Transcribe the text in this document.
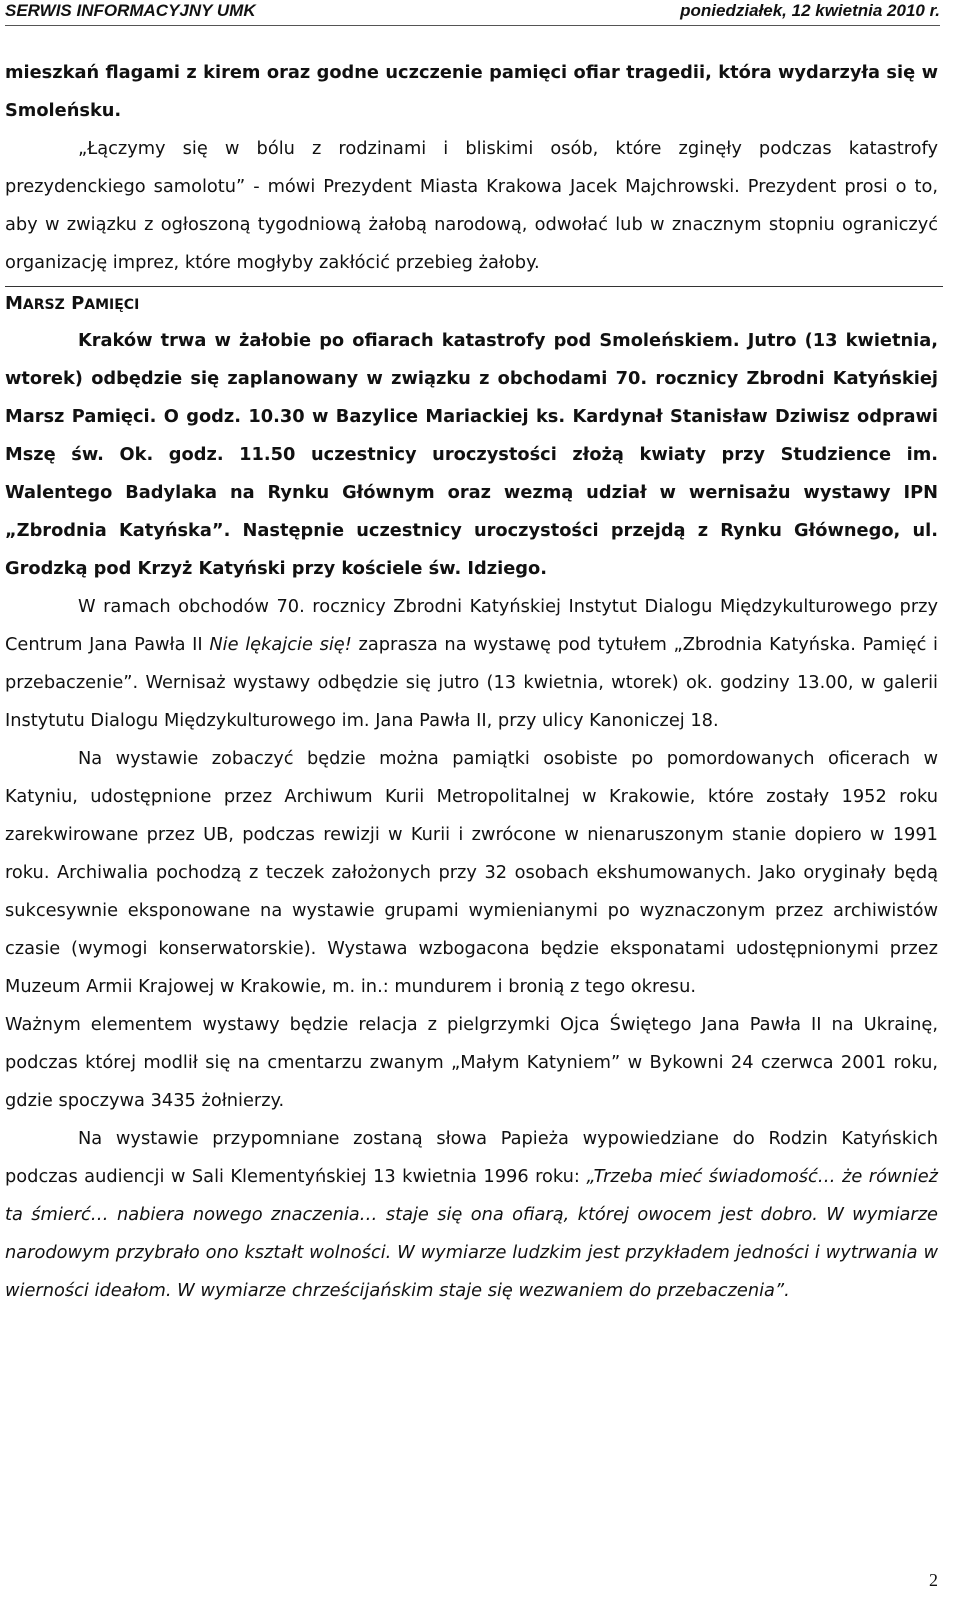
SERWIS INFORMACYJNY UMK	poniedziałek, 12 kwietnia 2010 r.

mieszkań flagami z kirem oraz godne uczczenie pamięci ofiar tragedii, która wydarzyła się w Smoleńsku.

„Łączymy się w bólu z rodzinami i bliskimi osób, które zginęły podczas katastrofy prezydenckiego samolotu” - mówi Prezydent Miasta Krakowa Jacek Majchrowski. Prezydent prosi o to, aby w związku z ogłoszoną tygodniową żałobą narodową, odwołać lub w znacznym stopniu ograniczyć organizację imprez, które mogłyby zakłócić przebieg żałoby.

MARSZ PAMIĘCI

Kraków trwa w żałobie po ofiarach katastrofy pod Smoleńskiem. Jutro (13 kwietnia, wtorek) odbędzie się zaplanowany w związku z obchodami 70. rocznicy Zbrodni Katyńskiej Marsz Pamięci. O godz. 10.30 w Bazylice Mariackiej ks. Kardynał Stanisław Dziwisz odprawi Mszę św. Ok. godz. 11.50 uczestnicy uroczystości złożą kwiaty przy Studzience im. Walentego Badylaka na Rynku Głównym oraz wezmą udział w wernisażu wystawy IPN „Zbrodnia Katyńska”. Następnie uczestnicy uroczystości przejdą z Rynku Głównego, ul. Grodzką pod Krzyż Katyński przy kościele św. Idziego.

W ramach obchodów 70. rocznicy Zbrodni Katyńskiej Instytut Dialogu Międzykulturowego przy Centrum Jana Pawła II Nie lękajcie się! zaprasza na wystawę pod tytułem „Zbrodnia Katyńska. Pamięć i przebaczenie”. Wernisaż wystawy odbędzie się jutro (13 kwietnia, wtorek) ok. godziny 13.00, w galerii Instytutu Dialogu Międzykulturowego im. Jana Pawła II, przy ulicy Kanoniczej 18.

Na wystawie zobaczyć będzie można pamiątki osobiste po pomordowanych oficerach w Katyniu, udostępnione przez Archiwum Kurii Metropolitalnej w Krakowie, które zostały 1952 roku zarekwirowane przez UB, podczas rewizji w Kurii i zwrócone w nienaruszonym stanie dopiero w 1991 roku. Archiwalia pochodzą z teczek założonych przy 32 osobach ekshumowanych. Jako oryginały będą sukcesywnie eksponowane na wystawie grupami wymienianymi po wyznaczonym przez archiwistów czasie (wymogi konserwatorskie). Wystawa wzbogacona będzie eksponatami udostępnionymi przez Muzeum Armii Krajowej w Krakowie, m. in.: mundurem i bronią z tego okresu.

Ważnym elementem wystawy będzie relacja z pielgrzymki Ojca Świętego Jana Pawła II na Ukrainę, podczas której modlił się na cmentarzu zwanym „Małym Katyniem” w Bykowni 24 czerwca 2001 roku, gdzie spoczywa 3435 żołnierzy.

Na wystawie przypomniane zostaną słowa Papieża wypowiedziane do Rodzin Katyńskich podczas audiencji w Sali Klementyńskiej 13 kwietnia 1996 roku: „Trzeba mieć świadomość… że również ta śmierć… nabiera nowego znaczenia… staje się ona ofiarą, której owocem jest dobro. W wymiarze narodowym przybrało ono kształt wolności. W wymiarze ludzkim jest przykładem jedności i wytrwania w wierności ideałom. W wymiarze chrześcijańskim staje się wezwaniem do przebaczenia”.

2
